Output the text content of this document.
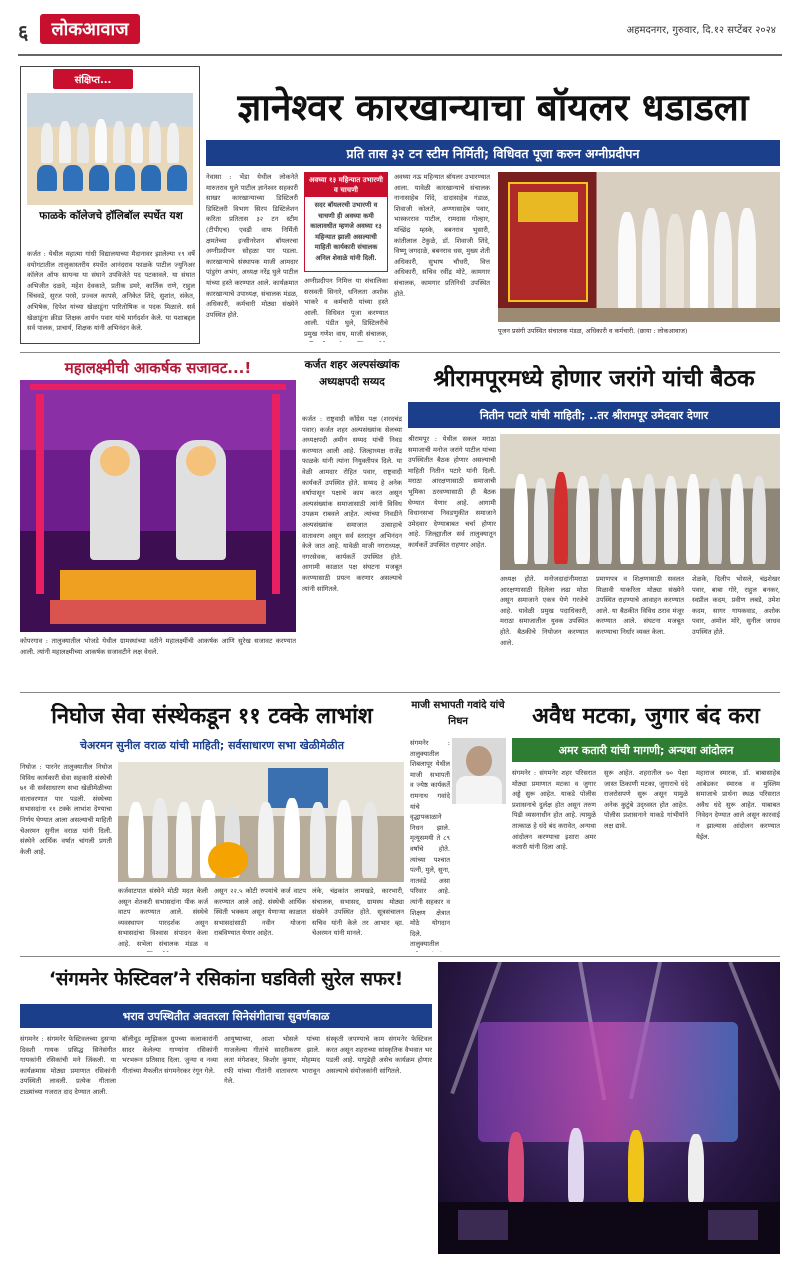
६ लोकआवाज	अहमदनगर, गुरुवार, दि.१२ सप्टेंबर २०२४
संक्षिप्त...
फाळके कॉलेजचे हॉलिबॉल स्पर्धेत यश
कर्जत : येथील महात्मा गांधी विद्यालयाच्या मैदानावर झालेल्या १९ वर्षे वयोगटातील तालुकास्तरीय स्पर्धेत आनंदराव फाळके पाटील ज्युनिअर कॉलेज ऑफ सायन्स या संघाने उपविजेते पद पटकावले. या संघात अभिजीत दळवे, महेश देवकाते, प्रतीक डमरे, कार्तिक राणे, राहुल चिंचवडे, सुरज परसे, प्रज्वल कापसे, अनिकेत शिंदे, सुशांत, संकेत, अभिषेक, दिपेश यांच्या खेळाडूंना पारितोषिक व पदक मिळाले. सर्व खेळाडूंना क्रीडा शिक्षक आर्यन पवार यांचे मार्गदर्शन केले. या यशाबद्दल सर्व पालक, प्राचार्य, शिक्षक यांनी अभिनंदन केले.
ज्ञानेश्वर कारखान्याचा बॉयलर धडाडला
प्रति तास ३२ टन स्टीम निर्मिती; विधिवत पूजा करुन अग्नीप्रदीपन
नेवासा : भेंडा येथील लोकनेते मारुतराव घुले पाटील ज्ञानेश्वर सहकारी साखर कारखान्याच्या डिस्टिलरी डिस्टिलरी विभाग सिरप डिस्टिलेशन करिता प्रतितास ३२ टन स्टीम (टीपीएच) एवढी वाफ निर्मिती क्षमतेच्या इन्सीनरेशन बॉयलरचा अग्नीप्रदीपन सोहळा पार पडला. कारखान्याचे संस्थापक माजी आमदार पांडुरंग अभंग, अध्यक्ष नरेंद्र घुले पाटील यांच्या हस्ते करण्यात आले. कार्यक्रमात कारखान्याचे उपाध्यक्ष, संचालक मंडळ, अधिकारी, कर्मचारी मोठ्या संख्येने उपस्थित होते.
अवघ्या १३ महिन्यात उभारणी व चाचणी
सदर बॉयलरची उभारणी व चाचणी ही अवघ्या कमी कालावधीत म्हणजे अवघ्या १३ महिन्यात झाली असल्याची माहिती कार्यकारी संचालक अनिल शेवाळे यांनी दिली.
अग्नीप्रदीपन निमित्त या संचालिका सरस्वती सिनारे, धनिलता अशोक भाकरे व कर्मचारी यांच्या हस्ते आली. विधिवत पूजा करण्यात आली. पंडीत घुले, डिस्टिलरीचे प्रमुख गणेश वाघ, माजी संचालक,
अवघ्या नऊ महिन्यात बॉयलर उभारण्यात आला. यावेळी कारखान्याचे संचालक नानासाहेब शिंदे, दादासाहेब गंडाळ, शिवाजी कोलते, अण्णासाहेब पवार, भास्करराव पाटील, रामदास गोल्हार, मच्छिंद्र म्हस्के, बबनराव भुसारी, कांतीलाल टेकुळे, डॉ. शिवाजी शिंदे, विष्णू जगदाळे, बबनराव धस, मुख्य शेती अधिकारी, सुभाष चौधरी, वित्त अधिकारी, सचिव रवींद्र मोटे, कामगार संचालक, कामगार प्रतिनिधी उपस्थित होते.
पूजन प्रसंगी उपस्थित संचालक मंडळ, अधिकारी व कर्मचारी. (छाया : लोकआवाज)
महालक्ष्मीची आकर्षक सजावट...!
कोपरगाव : तालुक्यातील भोजडे येथील ग्रामस्थांच्या वतीने महालक्ष्मींची आकर्षक आणि सुरेख सजावट करण्यात आली. त्यांनी महालक्ष्मीच्या आकर्षक सजावटीने लक्ष वेधले.
कर्जत शहर अल्पसंख्यांक अध्यक्षपदी सय्यद
कर्जत : राष्ट्रवादी काँग्रेस पक्ष (शरदचंद्र पवार) कर्जत शहर अल्पसंख्यांक सेलच्या अध्यक्षपदी अमीन सय्यद यांची निवड करण्यात आली आहे. जिल्हाध्यक्ष राजेंद्र फाळके यांनी त्यांना नियुक्तीपत्र दिले. या वेळी आमदार रोहित पवार, राष्ट्रवादी कार्यकर्ते उपस्थित होते. सय्यद हे अनेक वर्षापासून पक्षाचे काम करत असून अल्पसंख्यांक समाजासाठी त्यांनी विविध उपक्रम राबवले आहेत. त्यांच्या निवडीने अल्पसंख्यांक समाजात उत्साहाचे वातावरण असून सर्व स्तरातून अभिनंदन केले जात आहे. यावेळी माजी नगराध्यक्ष, नगरसेवक, कार्यकर्ते उपस्थित होते. आगामी काळात पक्ष संघटना मजबूत करण्यासाठी प्रयत्न करणार असल्याचे त्यांनी सांगितले.
श्रीरामपूरमध्ये होणार जरांगे यांची बैठक
नितीन पटारे यांची माहिती; ..तर श्रीरामपूर उमेदवार देणार
श्रीरामपूर : येथील सकल मराठा समाजाची मनोज जरांगे पाटील यांच्या उपस्थितीत बैठक होणार असल्याची माहिती नितीन पटारे यांनी दिली. मराठा आरक्षणासाठी समाजाची भूमिका ठरवण्यासाठी ही बैठक घेण्यात येणार आहे. आगामी विधानसभा निवडणुकीत समाजाने उमेदवार देण्याबाबत चर्चा होणार आहे. जिल्ह्यातील सर्व तालुक्यातून कार्यकर्ते उपस्थित राहणार आहेत.
अध्यक्ष होते. मनोजदादांनीमराठा आरक्षणासाठी दिलेला लढा मोठा असून समाजाने एकत्र येणे गरजेचे आहे. यावेळी प्रमुख पदाधिकारी, मराठा समाजातील युवक उपस्थित होते. बैठकीचे नियोजन करण्यात आले.
प्रमाणपत्र व शिक्षणासाठी सवलत मिळावी याकरिता मोठ्या संख्येने उपस्थित राहण्याचे आवाहन करण्यात आले. या बैठकीत विविध ठराव मंजूर करण्यात आले. संघटना मजबूत करण्याचा निर्धार व्यक्त केला.
शेळके, दिलीप भोसले, चंद्रशेखर पवार, बाबा गोरे, राहुल बनकर, स्वप्नील कदम, प्रवीण लबडे, उमेश कदम, सागर गायकवाड, अशोक पवार, अमोल मोरे, सुनील जाधव उपस्थित होते.
निघोज सेवा संस्थेकडून ११ टक्के लाभांश
चेअरमन सुनील वराळ यांची माहिती; सर्वसाधारण सभा खेळीमेळीत
निघोज : पारनेर तालुक्यातील निघोज विविध कार्यकारी सेवा सहकारी संस्थेची ७१ वी सर्वसाधारण सभा खेळीमेळीच्या वातावरणात पार पडली. संस्थेच्या सभासदांना ११ टक्के लाभांश देण्याचा निर्णय घेण्यात आला असल्याची माहिती चेअरमन सुनील वराळ यांनी दिली. संस्थेने आर्थिक वर्षात चांगली प्रगती केली आहे.
कर्जवाटपात संस्थेने मोठी मदत केली असून शेतकरी सभासदांना पीक कर्ज वाटप करण्यात आले. संस्थेचे व्यवस्थापन पारदर्शक असून सभासदांचा विश्वास संपादन केला आहे. सभेला संचालक मंडळ व
असून २२.५ कोटी रुपयांचे कर्ज वाटप करण्यात आले आहे. संस्थेची आर्थिक स्थिती भक्कम असून येणाऱ्या काळात सभासदांसाठी नवीन योजना राबविण्यात येणार आहेत.
लंके, चंद्रकांत लामखडे, कारभारी, संचालक, सभासद, ग्रामस्थ मोठ्या संख्येने उपस्थित होते. सूत्रसंचालन सचिव यांनी केले तर आभार व्हा. चेअरमन यांनी मानले.
माजी सभापती गवांदे यांचे निधन
संगमनेर : तालुक्यातील शिबलापूर येथील माजी सभापती व ज्येष्ठ कार्यकर्ते रामनाथ गवांदे यांचे वृद्धापकाळाने निधन झाले. मृत्यूसमयी ते ८९ वर्षांचे होते. त्यांच्या पश्चात पत्नी, मुले, सुना, नातवंडे असा परिवार आहे. त्यांनी सहकार व शिक्षण क्षेत्रात मोठे योगदान दिले. तालुक्यातील
अवैध मटका, जुगार बंद करा
अमर कतारी यांची मागणी; अन्यथा आंदोलन
संगमनेर : संगमनेर शहर परिसरात मोठ्या प्रमाणात मटका व जुगार अड्डे सुरू आहेत. याकडे पोलीस प्रशासनाचे दुर्लक्ष होत असून तरुण पिढी व्यसनाधीन होत आहे. त्यामुळे तात्काळ हे धंदे बंद करावेत, अन्यथा आंदोलन करण्याचा इशारा अमर कतारी यांनी दिला आहे.
सुरू आहेत. शहरातील ७० पेक्षा जास्त ठिकाणी मटका, जुगाराचे धंदे राजरोसपणे सुरू असून यामुळे अनेक कुटुंबे उद्ध्वस्त होत आहेत. पोलीस प्रशासनाने याकडे गांभीर्याने लक्ष द्यावे.
महाराज स्मारक, डॉ. बाबासाहेब आंबेडकर स्मारक व मुस्लिम समाजाचे प्रार्थना स्थळ परिसरात अवैध धंदे सुरू आहेत. याबाबत निवेदन देण्यात आले असून कारवाई न झाल्यास आंदोलन करण्यात येईल.
‘संगमनेर फेस्टिवल’ने रसिकांना घडविली सुरेल सफर!
भराव उपस्थितीत अवतरला सिनेसंगीताचा सुवर्णकाळ
संगमनेर : संगमनेर फेस्टिवलच्या दुसऱ्या दिवशी गायक प्रसिद्ध सिनेसंगीत गायकांनी रसिकांची मने जिंकली. या कार्यक्रमास मोठ्या प्रमाणात रसिकांनी उपस्थिती लावली. प्रत्येक गीताला टाळ्यांच्या गजरात दाद देण्यात आली.
बॉलीवूड म्युझिकल ग्रुपच्या कलाकारांनी सादर केलेल्या गाण्यांना रसिकांनी भरभरून प्रतिसाद दिला. जुन्या व नव्या गीतांच्या मैफलीत संगमनेरकर रंगून गेले.
आयुष्याच्या, आशा भोसले यांच्या गाजलेल्या गीतांचे सादरीकरण झाले. लता मंगेशकर, किशोर कुमार, मोहम्मद रफी यांच्या गीतांनी वातावरण भारावून गेले.
संस्कृती जपण्याचे काम संगमनेर फेस्टिवल करत असून शहराच्या सांस्कृतिक वैभवात भर पडली आहे. यापुढेही असेच कार्यक्रम होणार असल्याचे संयोजकांनी सांगितले.
